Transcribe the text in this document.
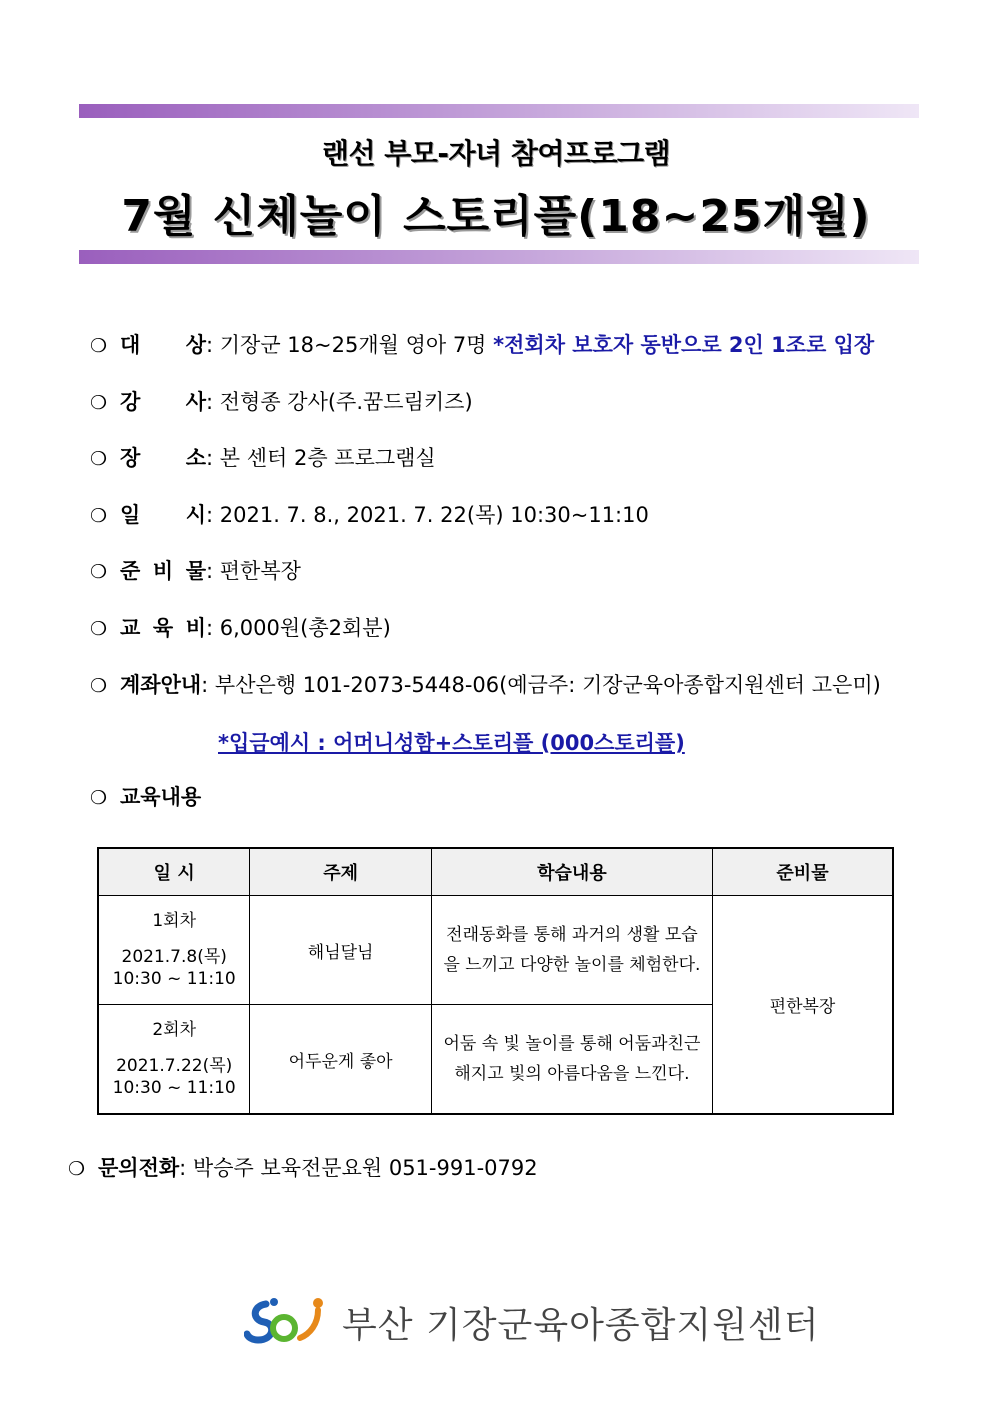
랜선 부모-자녀 참여프로그램
7월 신체놀이 스토리플(18~25개월)
❍ 대 상 : 기장군 18~25개월 영아 7명 *전회차 보호자 동반으로 2인 1조로 입장
❍ 강 사 : 전형종 강사(주.꿈드림키즈)
❍ 장 소 : 본 센터 2층 프로그램실
❍ 일 시 : 2021. 7. 8., 2021. 7. 22(목) 10:30~11:10
❍ 준 비 물 : 편한복장
❍ 교 육 비 : 6,000원(총2회분)
❍ 계좌안내: 부산은행 101-2073-5448-06(예금주: 기장군육아종합지원센터 고은미)
*입금예시 : 어머니성함+스토리플 (000스토리플)
❍ 교육내용
일 시	주제	학습내용	준비물

1회차
2021.7.8(목)
10:30 ~ 11:10	해님달님	전래동화를 통해 과거의 생활 모습을 느끼고 다양한 놀이를 체험한다.	편한복장

2회차
2021.7.22(목)
10:30 ~ 11:10	어두운게 좋아	어둠 속 빛 놀이를 통해 어둠과친근해지고 빛의 아름다움을 느낀다.	
❍ 문의전화: 박승주 보육전문요원 051-991-0792
부산 기장군육아종합지원센터
